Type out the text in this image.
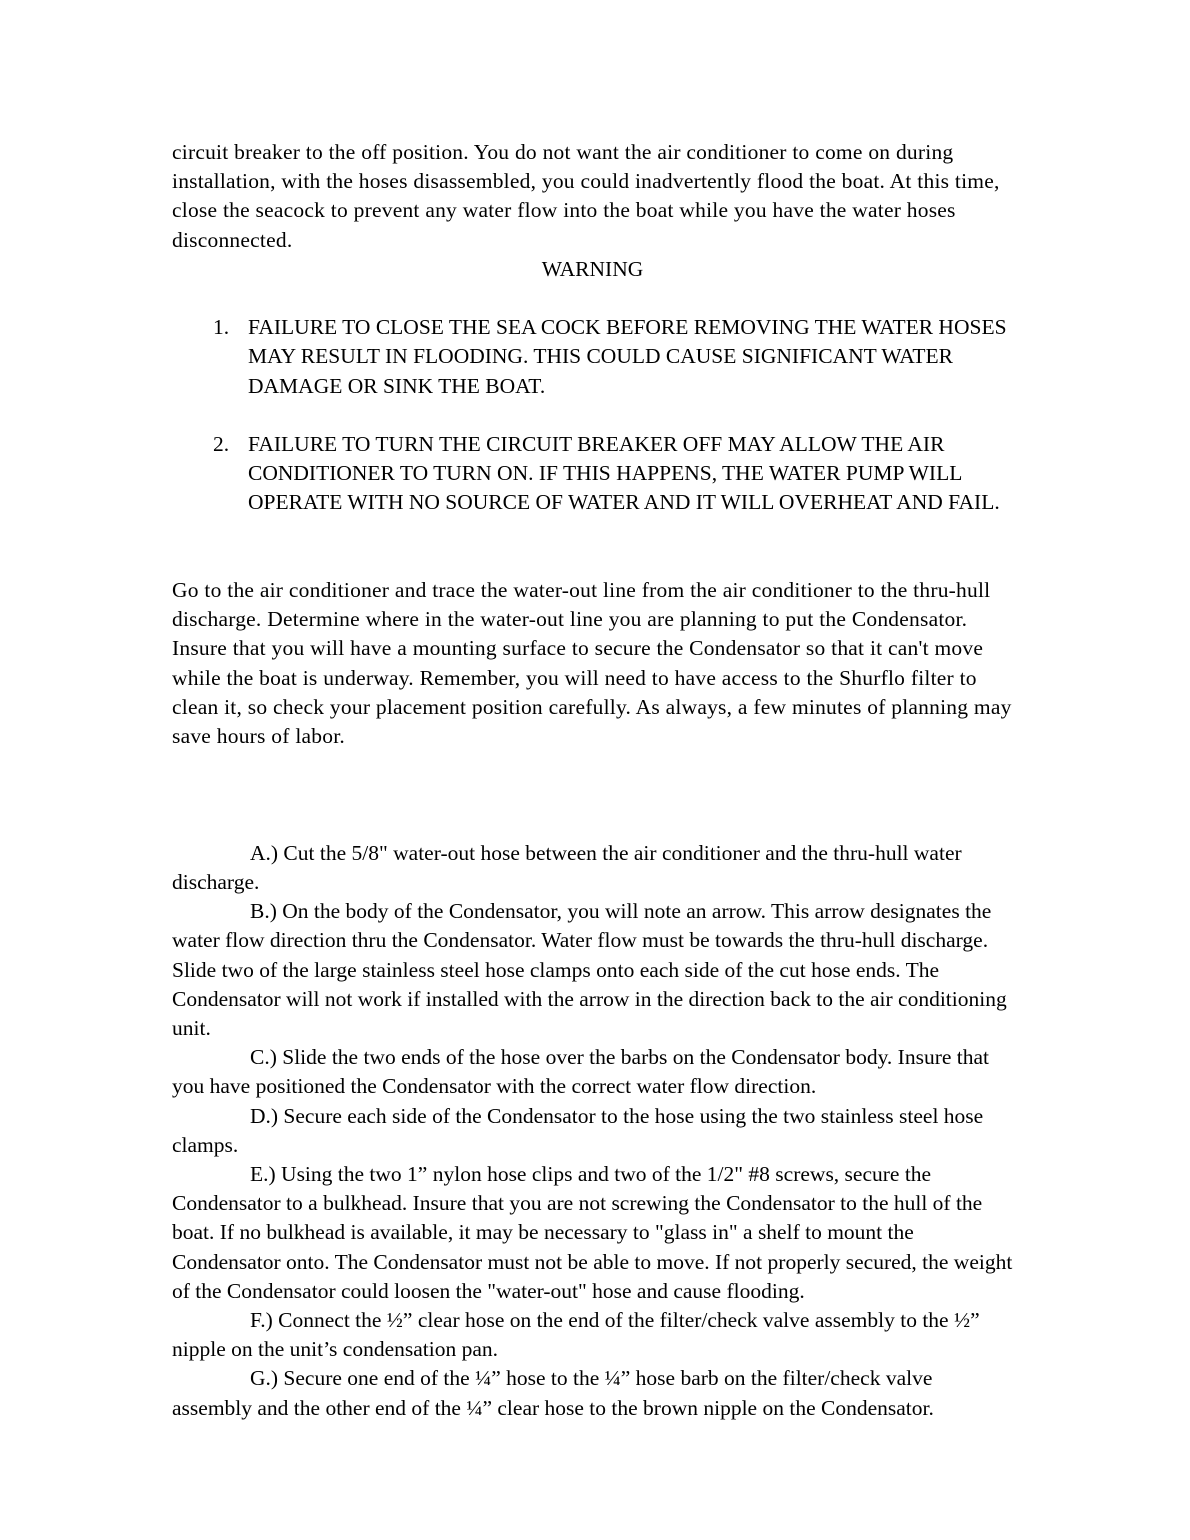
circuit breaker to the off position. You do not want the air conditioner to come on during installation, with the hoses disassembled, you could inadvertently flood the boat. At this time, close the seacock to prevent any water flow into the boat while you have the water hoses disconnected.

WARNING

1. FAILURE TO CLOSE THE SEA COCK BEFORE REMOVING THE WATER HOSES MAY RESULT IN FLOODING. THIS COULD CAUSE SIGNIFICANT WATER DAMAGE OR SINK THE BOAT.
2. FAILURE TO TURN THE CIRCUIT BREAKER OFF MAY ALLOW THE AIR CONDITIONER TO TURN ON. IF THIS HAPPENS, THE WATER PUMP WILL OPERATE WITH NO SOURCE OF WATER AND IT WILL OVERHEAT AND FAIL.

Go to the air conditioner and trace the water-out line from the air conditioner to the thru-hull discharge. Determine where in the water-out line you are planning to put the Condensator. Insure that you will have a mounting surface to secure the Condensator so that it can't move while the boat is underway. Remember, you will need to have access to the Shurflo filter to clean it, so check your placement position carefully. As always, a few minutes of planning may save hours of labor.

A.) Cut the 5/8" water-out hose between the air conditioner and the thru-hull water discharge.

B.) On the body of the Condensator, you will note an arrow. This arrow designates the water flow direction thru the Condensator. Water flow must be towards the thru-hull discharge. Slide two of the large stainless steel hose clamps onto each side of the cut hose ends. The Condensator will not work if installed with the arrow in the direction back to the air conditioning unit.

C.) Slide the two ends of the hose over the barbs on the Condensator body. Insure that you have positioned the Condensator with the correct water flow direction.

D.) Secure each side of the Condensator to the hose using the two stainless steel hose clamps.

E.) Using the two 1” nylon hose clips and two of the 1/2" #8 screws, secure the Condensator to a bulkhead. Insure that you are not screwing the Condensator to the hull of the boat. If no bulkhead is available, it may be necessary to "glass in" a shelf to mount the Condensator onto. The Condensator must not be able to move. If not properly secured, the weight of the Condensator could loosen the "water-out" hose and cause flooding.

F.) Connect the ½” clear hose on the end of the filter/check valve assembly to the ½” nipple on the unit’s condensation pan.

G.) Secure one end of the ¼” hose to the ¼” hose barb on the filter/check valve assembly and the other end of the ¼” clear hose to the brown nipple on the Condensator.
